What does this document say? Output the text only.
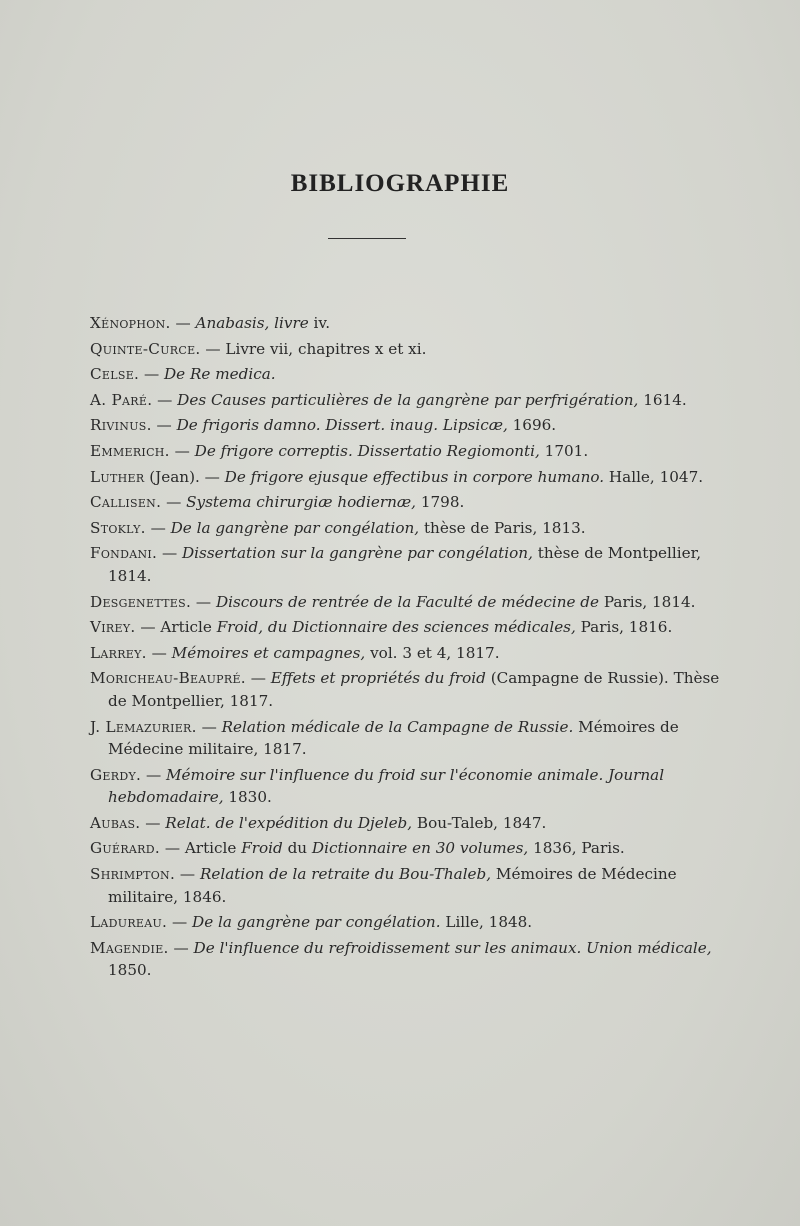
BIBLIOGRAPHIE
Xénophon. — Anabasis, livre iv.
Quinte-Curce. — Livre vii, chapitres x et xi.
Celse. — De Re medica.
A. Paré. — Des Causes particulières de la gangrène par perfrigération, 1614.
Rivinus. — De frigoris damno. Dissert. inaug. Lipsicæ, 1696.
Emmerich. — De frigore correptis. Dissertatio Regiomonti, 1701.
Luther (Jean). — De frigore ejusque effectibus in corpore humano. Halle, 1047.
Callisen. — Systema chirurgiæ hodiernæ, 1798.
Stokly. — De la gangrène par congélation, thèse de Paris, 1813.
Fondani. — Dissertation sur la gangrène par congélation, thèse de Montpellier, 1814.
Desgenettes. — Discours de rentrée de la Faculté de médecine de Paris, 1814.
Virey. — Article Froid, du Dictionnaire des sciences médicales, Paris, 1816.
Larrey. — Mémoires et campagnes, vol. 3 et 4, 1817.
Moricheau-Beaupré. — Effets et propriétés du froid (Campagne de Russie). Thèse de Montpellier, 1817.
J. Lemazurier. — Relation médicale de la Campagne de Russie. Mémoires de Médecine militaire, 1817.
Gerdy. — Mémoire sur l'influence du froid sur l'économie animale. Journal hebdomadaire, 1830.
Aubas. — Relat. de l'expédition du Djeleb, Bou-Taleb, 1847.
Guérard. — Article Froid du Dictionnaire en 30 volumes, 1836, Paris.
Shrimpton. — Relation de la retraite du Bou-Thaleb, Mémoires de Médecine militaire, 1846.
Ladureau. — De la gangrène par congélation. Lille, 1848.
Magendie. — De l'influence du refroidissement sur les animaux. Union médicale, 1850.
